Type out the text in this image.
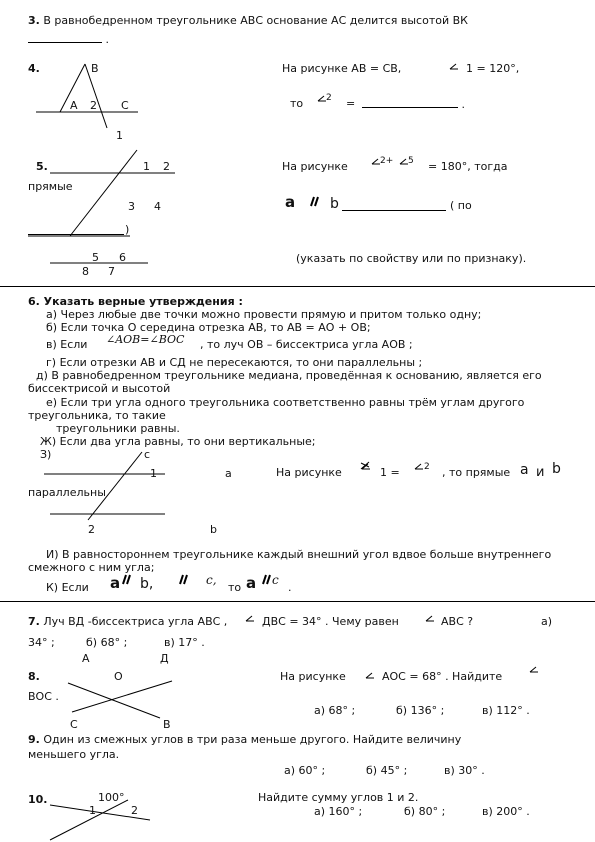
3. В равнобедренном треугольнике АВС основание АС делится высотой ВК
.
4.	В
А 2 С
1
На рисунке АВ = СВ,	1 = 120°,
то	2 =	.
5.	1 2
прямые
3 4
)
5 6
8 7
На рисунке	2+ 5 = 180°, тогда
a b	( по
(указать по свойству или по признаку).
6. Указать верные утверждения :
а) Через любые две точки можно провести прямую и притом только одну;
б) Если точка О середина отрезка АВ, то АВ = АО + ОВ;
в) Если ∠AOB=∠BOC , то луч ОВ – биссектриса угла АОВ ;
г) Если отрезки АВ и СД не пересекаются, то они параллельны ;
д) В равнобедренном треугольнике медиана, проведённая к основанию, является его
биссектрисой и высотой
е) Если три угла одного треугольника соответственно равны трём углам другого
треугольника, то такие
треугольники равны.
Ж) Если два угла равны, то они вертикальные;
З)	с
1	a	На рисунке	1 =	2 , то прямые a и b
параллельны
2	b
И) В равностороннем треугольнике каждый внешний угол вдвое больше внутреннего
смежного с ним угла;
К) Если a b,	c,
то a c
.
7. Луч ВД -биссектриса угла АВС ,	ДВС = 34° . Чему равен	АВС ?	а)
34° ;	б) 68° ;	в) 17° .
А	Д
8.	О
С	В
На рисунке	АОС = 68° . Найдите
ВОС .
а) 68° ;	б) 136° ;	в) 112° .
9. Один из смежных углов в три раза меньше другого. Найдите величину
меньшего угла.
а) 60° ;	б) 45° ;	в) 30° .
10.	100°
1	2
Найдите сумму углов 1 и 2.
а) 160° ;	б) 80° ;	в) 200° .
